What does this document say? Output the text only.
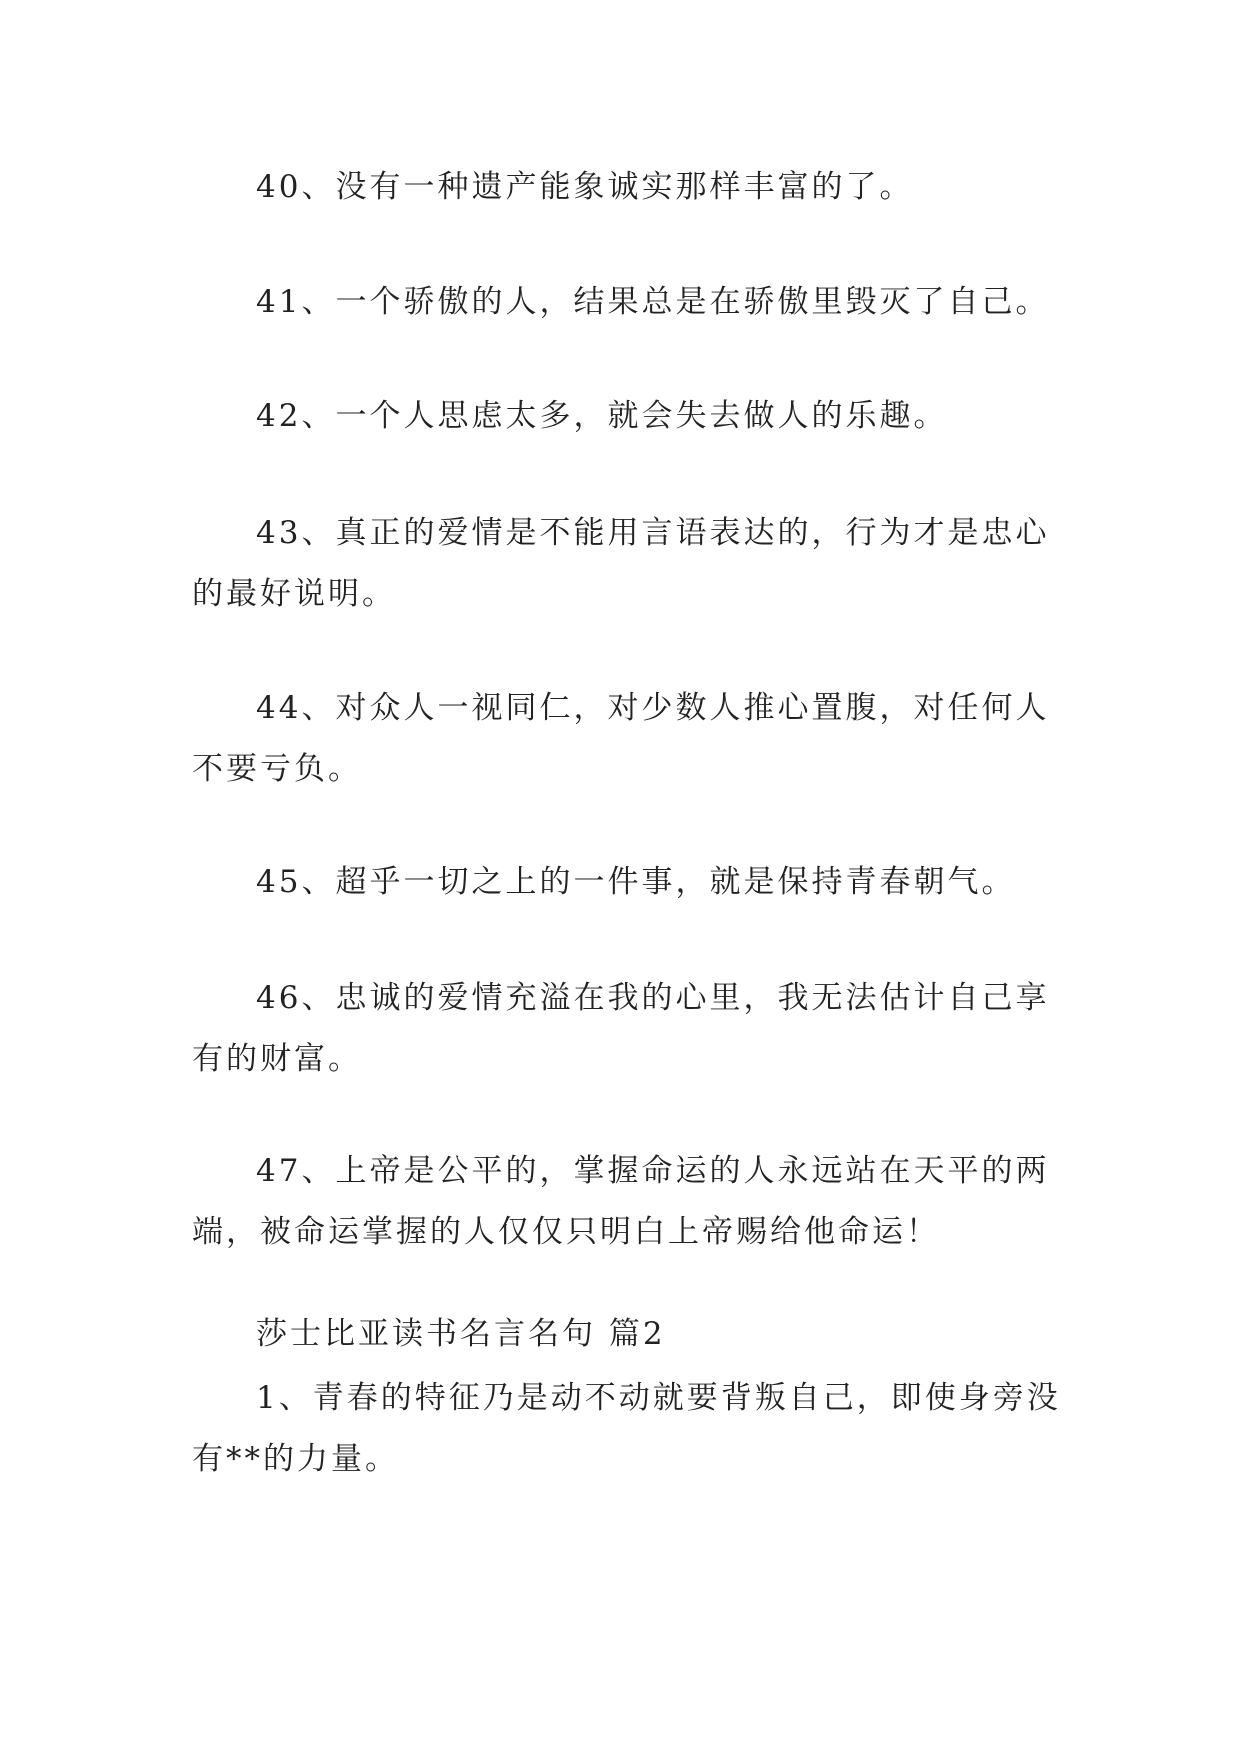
40、没有一种遗产能象诚实那样丰富的了。

41、一个骄傲的人，结果总是在骄傲里毁灭了自己。

42、一个人思虑太多，就会失去做人的乐趣。

43、真正的爱情是不能用言语表达的，行为才是忠心的最好说明。

44、对众人一视同仁，对少数人推心置腹，对任何人不要亏负。

45、超乎一切之上的一件事，就是保持青春朝气。

46、忠诚的爱情充溢在我的心里，我无法估计自己享有的财富。

47、上帝是公平的，掌握命运的人永远站在天平的两端，被命运掌握的人仅仅只明白上帝赐给他命运！

莎士比亚读书名言名句 篇2

1、青春的特征乃是动不动就要背叛自己，即使身旁没有**的力量。
